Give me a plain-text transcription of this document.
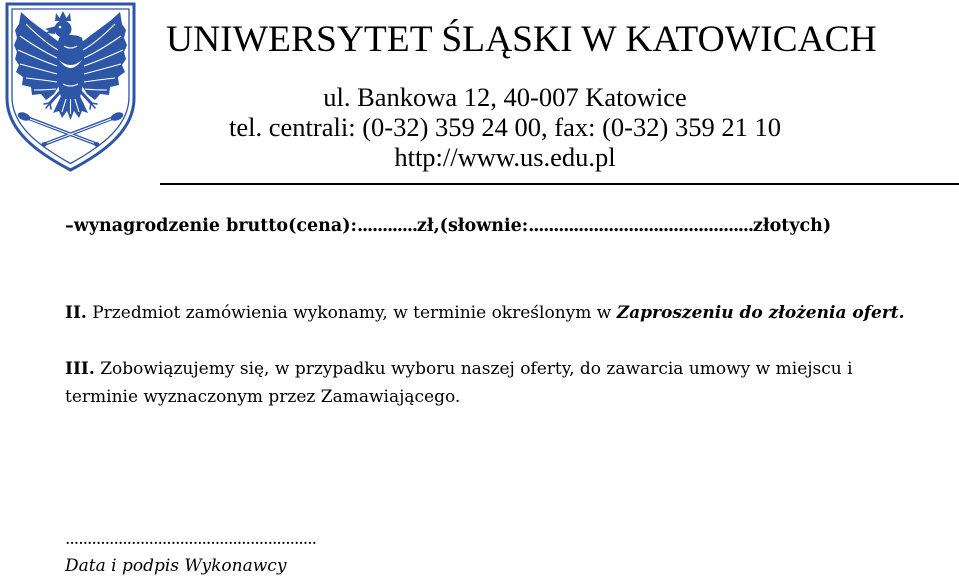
UNIWERSYTET ŚLĄSKI W KATOWICACH
ul. Bankowa 12, 40-007 Katowice
tel. centrali: (0-32) 359 24 00, fax: (0-32) 359 21 10
http://www.us.edu.pl
–wynagrodzenie brutto(cena):............zł,(słownie:.............................................złotych)
II. Przedmiot zamówienia wykonamy, w terminie określonym w Zaproszeniu do złożenia ofert.
III. Zobowiązujemy się, w przypadku wyboru naszej oferty, do zawarcia umowy w miejscu i
terminie wyznaczonym przez Zamawiającego.
.........................................................
Data i podpis Wykonawcy
